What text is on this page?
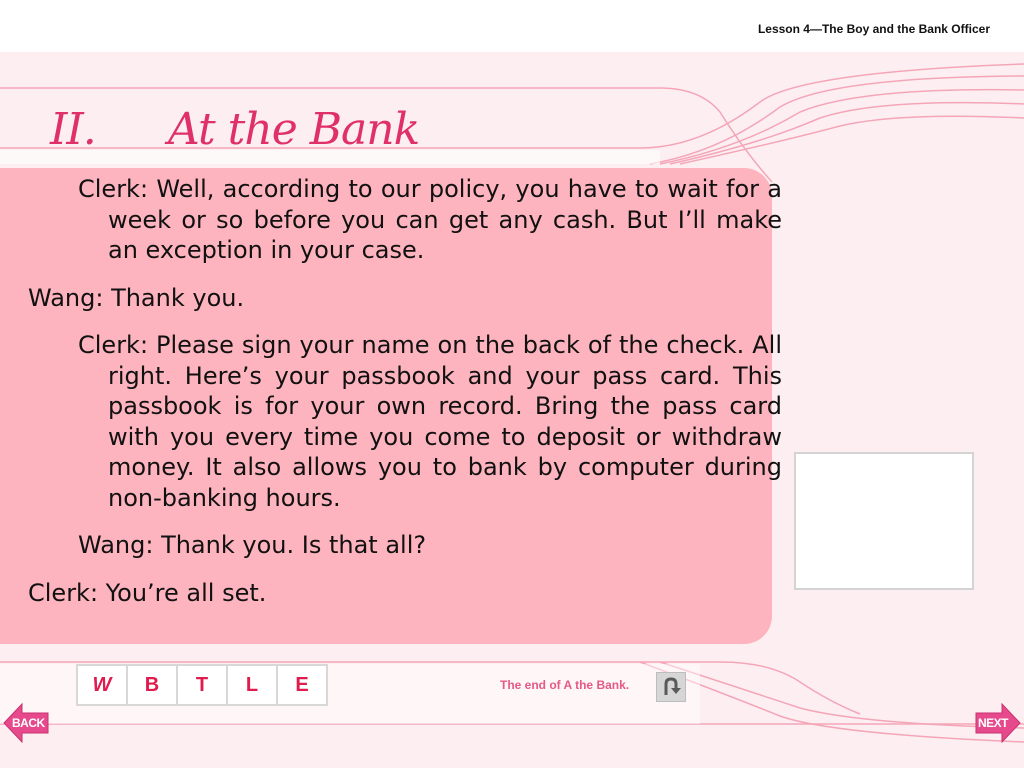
Lesson 4—The Boy and the Bank Officer
II. At the Bank

Clerk: Well, according to our policy, you have to wait for a week or so before you can get any cash. But I’ll make an exception in your case.

Wang: Thank you.

Clerk: Please sign your name on the back of the check. All right. Here’s your passbook and your pass card. This passbook is for your own record. Bring the pass card with you every time you come to deposit or withdraw money. It also allows you to bank by computer during non-banking hours.

Wang: Thank you. Is that all?

Clerk: You’re all set.

W	B	T	L	E	The end of A the Bank.
BACK	NEXT
